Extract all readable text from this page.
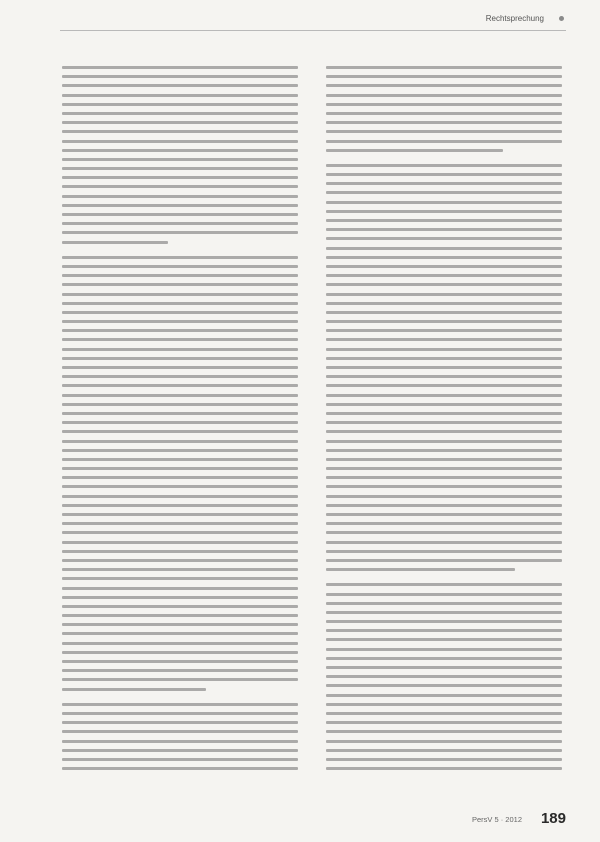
Rechtsprechung
PersV 5 · 2012 189
